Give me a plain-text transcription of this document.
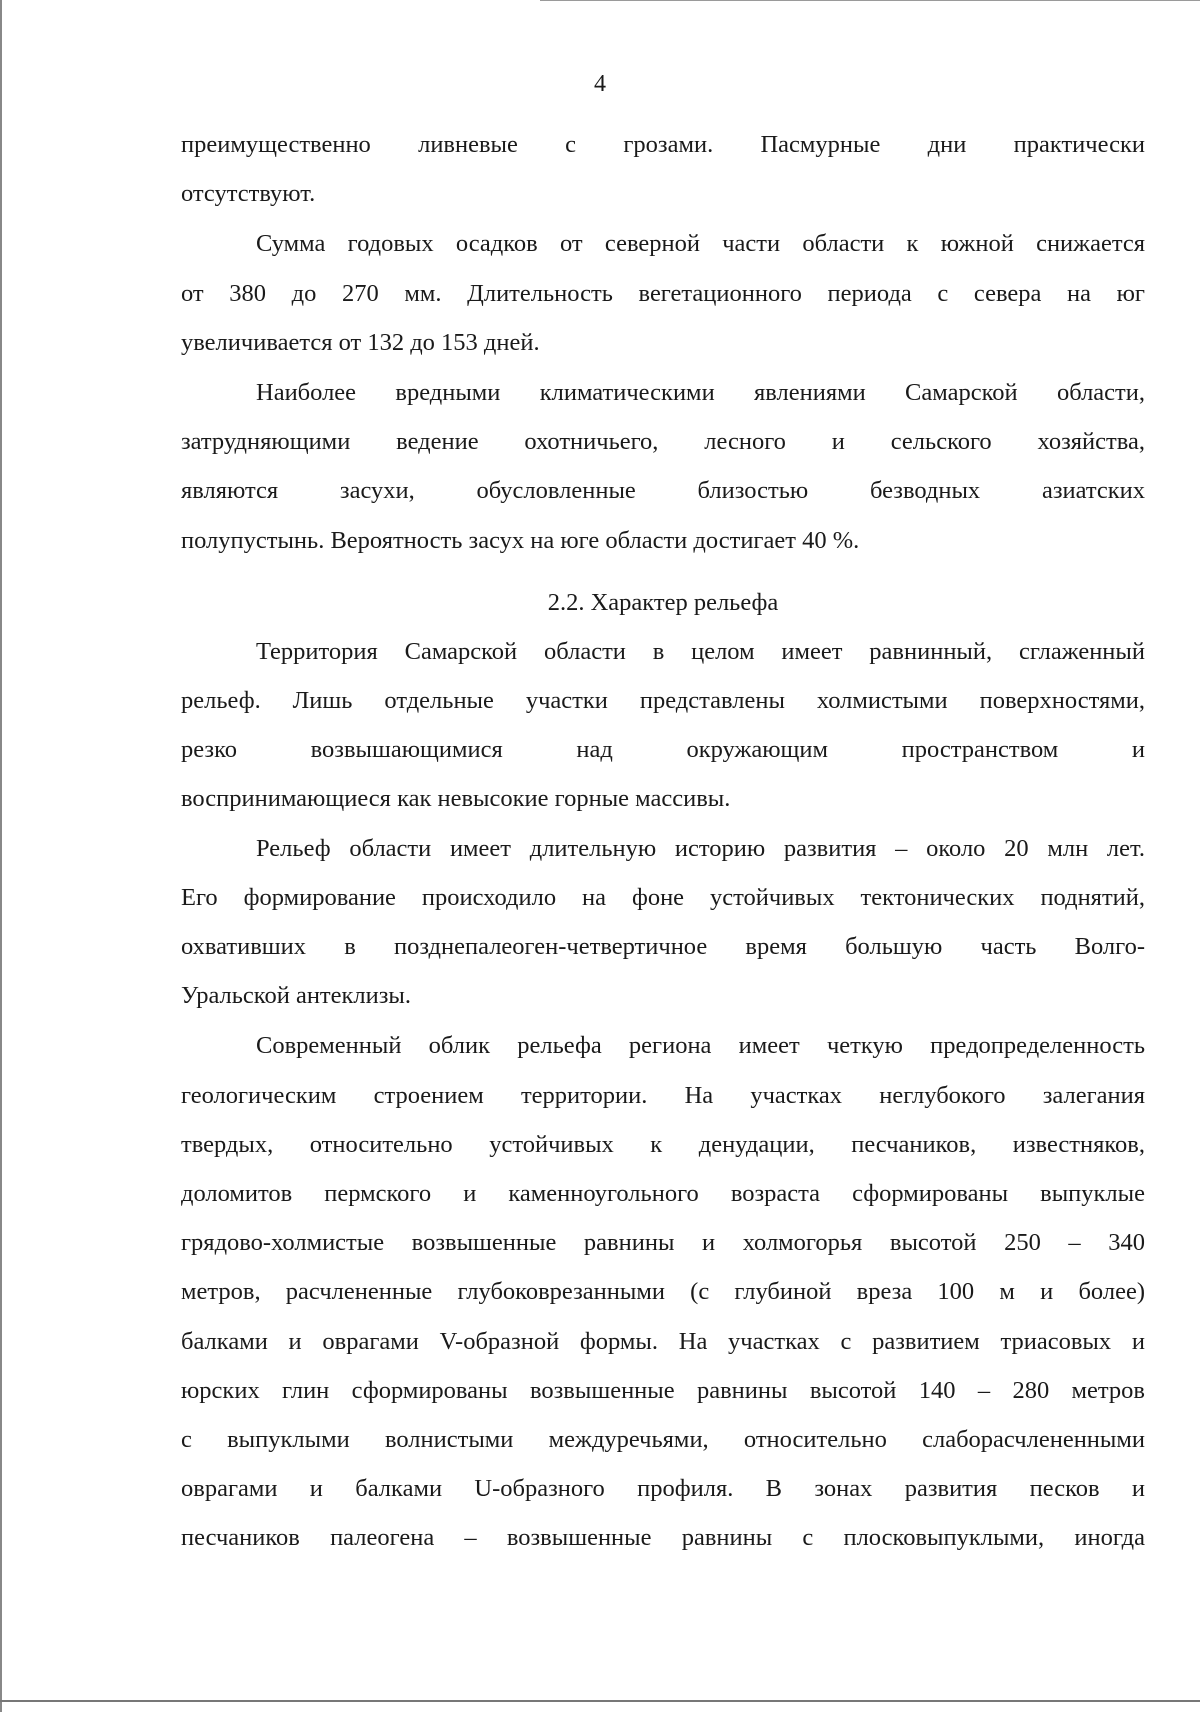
4
преимущественно ливневые с грозами. Пасмурные дни практически
отсутствуют.
Сумма годовых осадков от северной части области к южной снижается
от 380 до 270 мм. Длительность вегетационного периода с севера на юг
увеличивается от 132 до 153 дней.
Наиболее вредными климатическими явлениями Самарской области,
затрудняющими ведение охотничьего, лесного и сельского хозяйства,
являются засухи, обусловленные близостью безводных азиатских
полупустынь. Вероятность засух на юге области достигает 40 %.
2.2. Характер рельефа
Территория Самарской области в целом имеет равнинный, сглаженный
рельеф. Лишь отдельные участки представлены холмистыми поверхностями,
резко возвышающимися над окружающим пространством и
воспринимающиеся как невысокие горные массивы.
Рельеф области имеет длительную историю развития – около 20 млн лет.
Его формирование происходило на фоне устойчивых тектонических поднятий,
охвативших в позднепалеоген-четвертичное время большую часть Волго-
Уральской антеклизы.
Современный облик рельефа региона имеет четкую предопределенность
геологическим строением территории. На участках неглубокого залегания
твердых, относительно устойчивых к денудации, песчаников, известняков,
доломитов пермского и каменноугольного возраста сформированы выпуклые
грядово-холмистые возвышенные равнины и холмогорья высотой 250 – 340
метров, расчлененные глубоковрезанными (с глубиной вреза 100 м и более)
балками и оврагами V-образной формы. На участках с развитием триасовых и
юрских глин сформированы возвышенные равнины высотой 140 – 280 метров
с выпуклыми волнистыми междуречьями, относительно слаборасчлененными
оврагами и балками U-образного профиля. В зонах развития песков и
песчаников палеогена – возвышенные равнины с плосковыпуклыми, иногда
